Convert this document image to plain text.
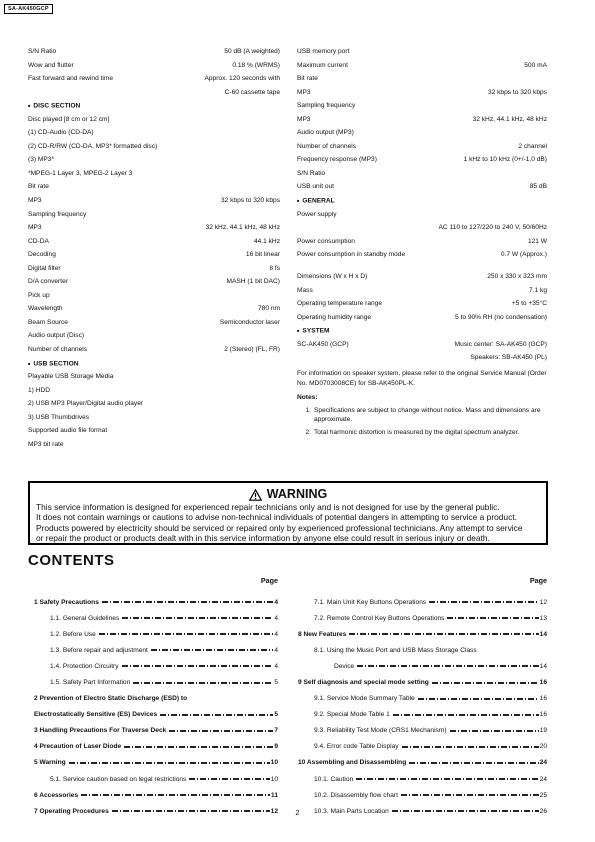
SA-AK450GCP
S/N Ratio	50 dB (A weighted)
Wow and flutter	0.18 % (WRMS)
Fast forward and rewind time	Approx. 120 seconds with
C-60 cassette tape
■ DISC SECTION
Disc played [8 cm or 12 cm]
(1) CD-Audio (CD-DA)
(2) CD-R/RW (CD-DA, MP3* formatted disc)
(3) MP3*
*MPEG-1 Layer 3, MPEG-2 Layer 3
Bit rate
MP3	32 kbps to 320 kbps
Sampling frequency
MP3	32 kHz, 44.1 kHz, 48 kHz
CD-DA	44.1 kHz
Decoding	16 bit linear
Digital filter	8 fs
D/A converter	MASH (1 bit DAC)
Pick up
Wavelength	780 nm
Beam Source	Semiconductor laser
Audio output (Disc)
Number of channels	2 (Stereo) (FL, FR)
■ USB SECTION
Playable USB Storage Media
1) HDD
2) USB MP3 Player/Digital audio player
3) USB Thumbdrives
Supported audio file format
MP3 bit rate
USB memory port
Maximum current	500 mA
Bit rate
MP3	32 kbps to 320 kbps
Sampling frequency
MP3	32 kHz, 44.1 kHz, 48 kHz
Audio output (MP3)
Number of channels	2 channel
Frequency response (MP3)	1 kHz to 10 kHz (0+/-1.0 dB)
S/N Ratio
USB unit out	85 dB
■ GENERAL
Power supply
AC 110 to 127/220 to 240 V, 50/60Hz
Power consumption	121 W
Power consumption in standby mode	0.7 W (Approx.)
Dimensions (W x H x D)	250 x 330 x 323 mm
Mass	7.1 kg
Operating temperature range	+5 to +35°C
Operating humidity range	5 to 90% RH (no condensation)
■ SYSTEM
SC-AK450 (GCP)	Music center: SA-AK450 (GCP)
Speakers: SB-AK450 (PL)
For information on speaker system, please refer to the original Service Manual (Order No. MD0703008CE) for SB-AK450PL-K.
Notes:
1. Specifications are subject to change without notice. Mass and dimensions are approximate.
2. Total harmonic distortion is measured by the digital spectrum analyzer.
WARNING
This service information is designed for experienced repair technicians only and is not designed for use by the general public.
It does not contain warnings or cautions to advise non-technical individuals of potential dangers in attempting to service a product.
Products powered by electricity should be serviced or repaired only by experienced professional technicians. Any attempt to service
or repair the product or products dealt with in this service information by anyone else could result in serious injury or death.
CONTENTS
Page
1 Safety Precautions	4
1.1. General Guidelines	4
1.2. Before Use	4
1.3. Before repair and adjustment	4
1.4. Protection Circuitry	4
1.5. Safety Part Information	5
2 Prevention of Electro Static Discharge (ESD) to
Electrostatically Sensitive (ES) Devices	5
3 Handling Precautions For Traverse Deck	7
4 Precaution of Laser Diode	9
5 Warning	10
5.1. Service caution based on legal restrictions	10
6 Accessories	11
7 Operating Procedures	12
Page
7.1. Main Unit Key Buttons Operations	12
7.2. Remote Control Key Buttons Operations	13
8 New Features	14
8.1. Using the Music Port and USB Mass Storage Class
Device	14
9 Self diagnosis and special mode setting	16
9.1. Service Mode Summary Table	16
9.2. Special Mode Table 1	16
9.3. Reliability Test Mode (CRS1 Mechanism)	19
9.4. Error code Table Display	20
10 Assembling and Disassembling	24
10.1. Caution	24
10.2. Disassembly flow chart	25
10.3. Main Parts Location	26
2
